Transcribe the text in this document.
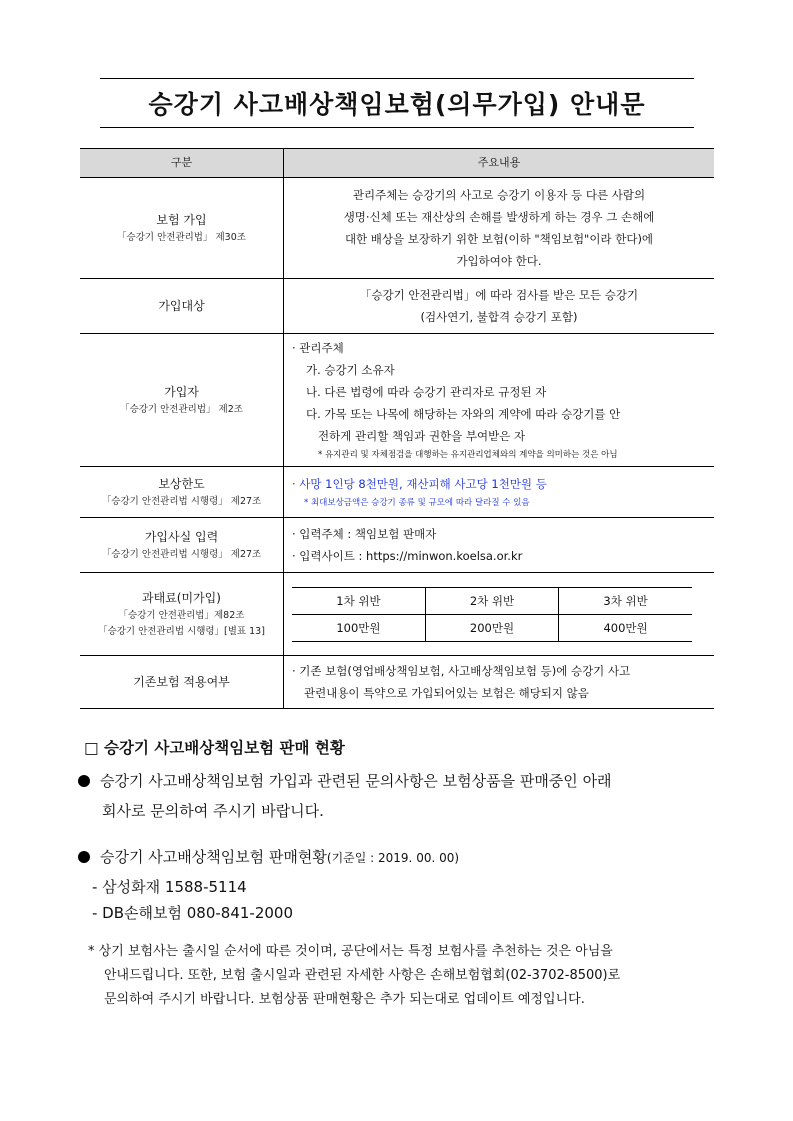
승강기 사고배상책임보험(의무가입) 안내문
구분	주요내용

보험 가입
「승강기 안전관리법」 제30조

관리주체는 승강기의 사고로 승강기 이용자 등 다른 사람의
생명·신체 또는 재산상의 손해를 발생하게 하는 경우 그 손해에
대한 배상을 보장하기 위한 보험(이하 "책임보험"이라 한다)에
가입하여야 한다.

가입대상

「승강기 안전관리법」에 따라 검사를 받은 모든 승강기
(검사연기, 불합격 승강기 포함)

가입자
「승강기 안전관리법」 제2조

· 관리주체
가. 승강기 소유자
나. 다른 법령에 따라 승강기 관리자로 규정된 자
다. 가목 또는 나목에 해당하는 자와의 계약에 따라 승강기를 안
전하게 관리할 책임과 권한을 부여받은 자
* 유지관리 및 자체점검을 대행하는 유지관리업체와의 계약을 의미하는 것은 아님

보상한도
「승강기 안전관리법 시행령」 제27조

· 사망 1인당 8천만원, 재산피해 사고당 1천만원 등
* 최대보상금액은 승강기 종류 및 규모에 따라 달라질 수 있음

가입사실 입력
「승강기 안전관리법 시행령」 제27조

· 입력주체 : 책임보험 판매자
· 입력사이트 : https://minwon.koelsa.or.kr

과태료(미가입)
「승강기 안전관리법」제82조
「승강기 안전관리법 시행령」[별표 13]

1차 위반	2차 위반	3차 위반
100만원	200만원	400만원

기존보험 적용여부

· 기존 보험(영업배상책임보험, 사고배상책임보험 등)에 승강기 사고
관련내용이 특약으로 가입되어있는 보험은 해당되지 않음
□ 승강기 사고배상책임보험 판매 현황
승강기 사고배상책임보험 가입과 관련된 문의사항은 보험상품을 판매중인 아래
회사로 문의하여 주시기 바랍니다.
승강기 사고배상책임보험 판매현황(기준일 : 2019. 00. 00)
- 삼성화재 1588-5114
- DB손해보험 080-841-2000
* 상기 보험사는 출시일 순서에 따른 것이며, 공단에서는 특정 보험사를 추천하는 것은 아님을
안내드립니다. 또한, 보험 출시일과 관련된 자세한 사항은 손해보험협회(02-3702-8500)로
문의하여 주시기 바랍니다. 보험상품 판매현황은 추가 되는대로 업데이트 예정입니다.
